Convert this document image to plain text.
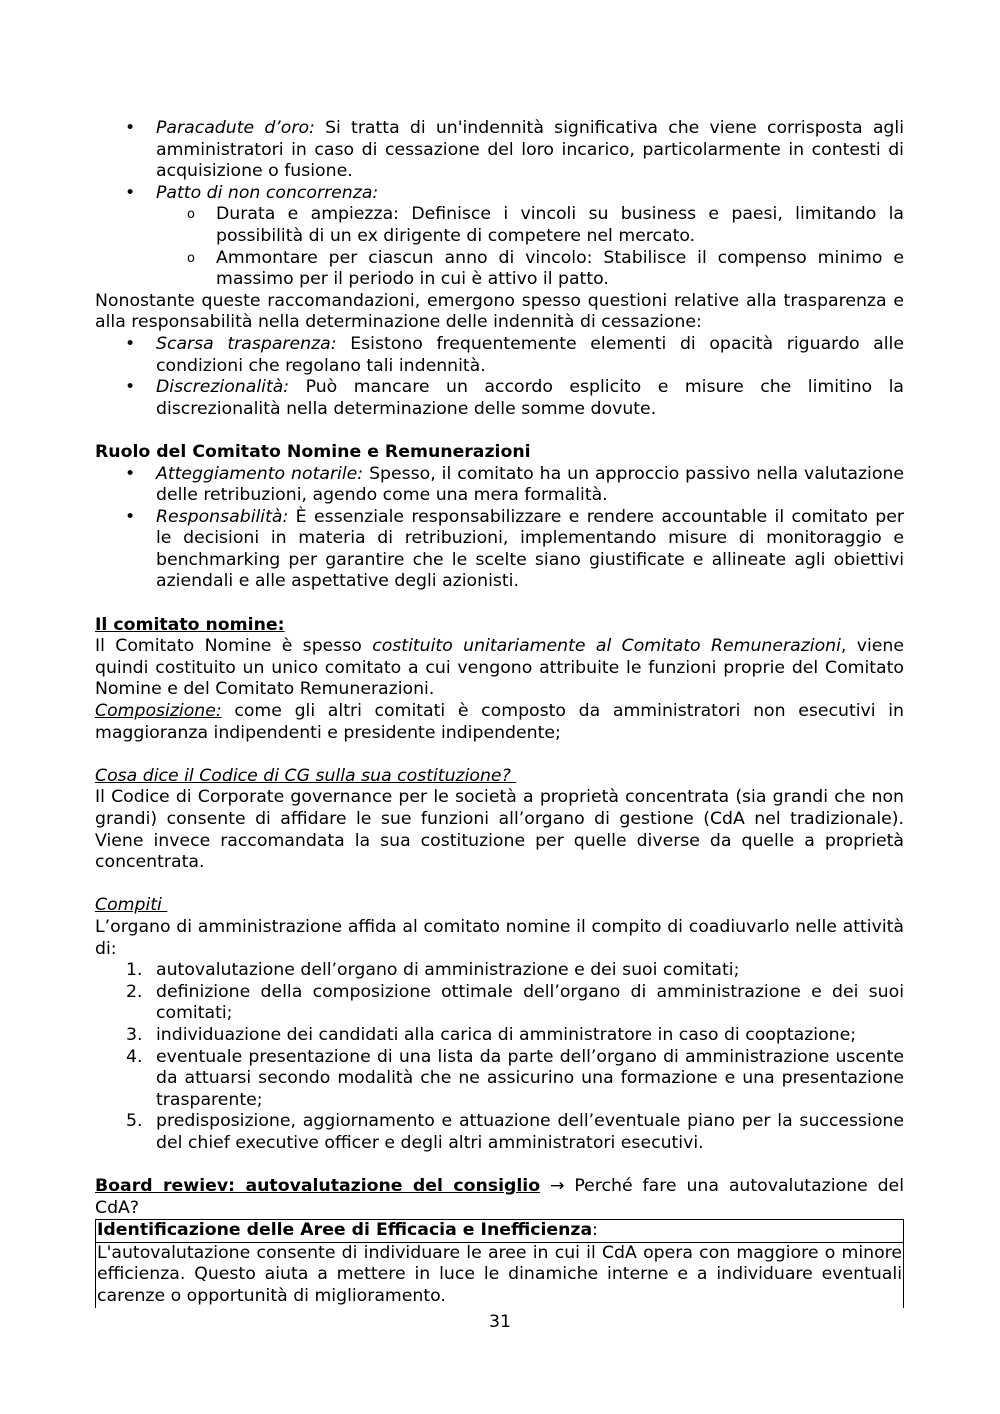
• Paracadute d’oro: Si tratta di un'indennità significativa che viene corrisposta agli amministratori in caso di cessazione del loro incarico, particolarmente in contesti di acquisizione o fusione.
• Patto di non concorrenza:
o Durata e ampiezza: Definisce i vincoli su business e paesi, limitando la possibilità di un ex dirigente di competere nel mercato.
o Ammontare per ciascun anno di vincolo: Stabilisce il compenso minimo e massimo per il periodo in cui è attivo il patto.

Nonostante queste raccomandazioni, emergono spesso questioni relative alla trasparenza e alla responsabilità nella determinazione delle indennità di cessazione:

• Scarsa trasparenza: Esistono frequentemente elementi di opacità riguardo alle condizioni che regolano tali indennità.
• Discrezionalità: Può mancare un accordo esplicito e misure che limitino la discrezionalità nella determinazione delle somme dovute.

Ruolo del Comitato Nomine e Remunerazioni

• Atteggiamento notarile: Spesso, il comitato ha un approccio passivo nella valutazione delle retribuzioni, agendo come una mera formalità.
• Responsabilità: È essenziale responsabilizzare e rendere accountable il comitato per le decisioni in materia di retribuzioni, implementando misure di monitoraggio e benchmarking per garantire che le scelte siano giustificate e allineate agli obiettivi aziendali e alle aspettative degli azionisti.

Il comitato nomine:

Il Comitato Nomine è spesso costituito unitariamente al Comitato Remunerazioni, viene quindi costituito un unico comitato a cui vengono attribuite le funzioni proprie del Comitato Nomine e del Comitato Remunerazioni.

Composizione: come gli altri comitati è composto da amministratori non esecutivi in maggioranza indipendenti e presidente indipendente;

Cosa dice il Codice di CG sulla sua costituzione?

Il Codice di Corporate governance per le società a proprietà concentrata (sia grandi che non grandi) consente di affidare le sue funzioni all’organo di gestione (CdA nel tradizionale). Viene invece raccomandata la sua costituzione per quelle diverse da quelle a proprietà concentrata.

Compiti

L’organo di amministrazione affida al comitato nomine il compito di coadiuvarlo nelle attività di:

1. autovalutazione dell’organo di amministrazione e dei suoi comitati;
2. definizione della composizione ottimale dell’organo di amministrazione e dei suoi comitati;
3. individuazione dei candidati alla carica di amministratore in caso di cooptazione;
4. eventuale presentazione di una lista da parte dell’organo di amministrazione uscente da attuarsi secondo modalità che ne assicurino una formazione e una presentazione trasparente;
5. predisposizione, aggiornamento e attuazione dell’eventuale piano per la successione del chief executive officer e degli altri amministratori esecutivi.

Board rewiev: autovalutazione del consiglio → Perché fare una autovalutazione del CdA?

Identificazione delle Aree di Efficacia e Inefficienza:
L'autovalutazione consente di individuare le aree in cui il CdA opera con maggiore o minore efficienza. Questo aiuta a mettere in luce le dinamiche interne e a individuare eventuali carenze o opportunità di miglioramento.
31
